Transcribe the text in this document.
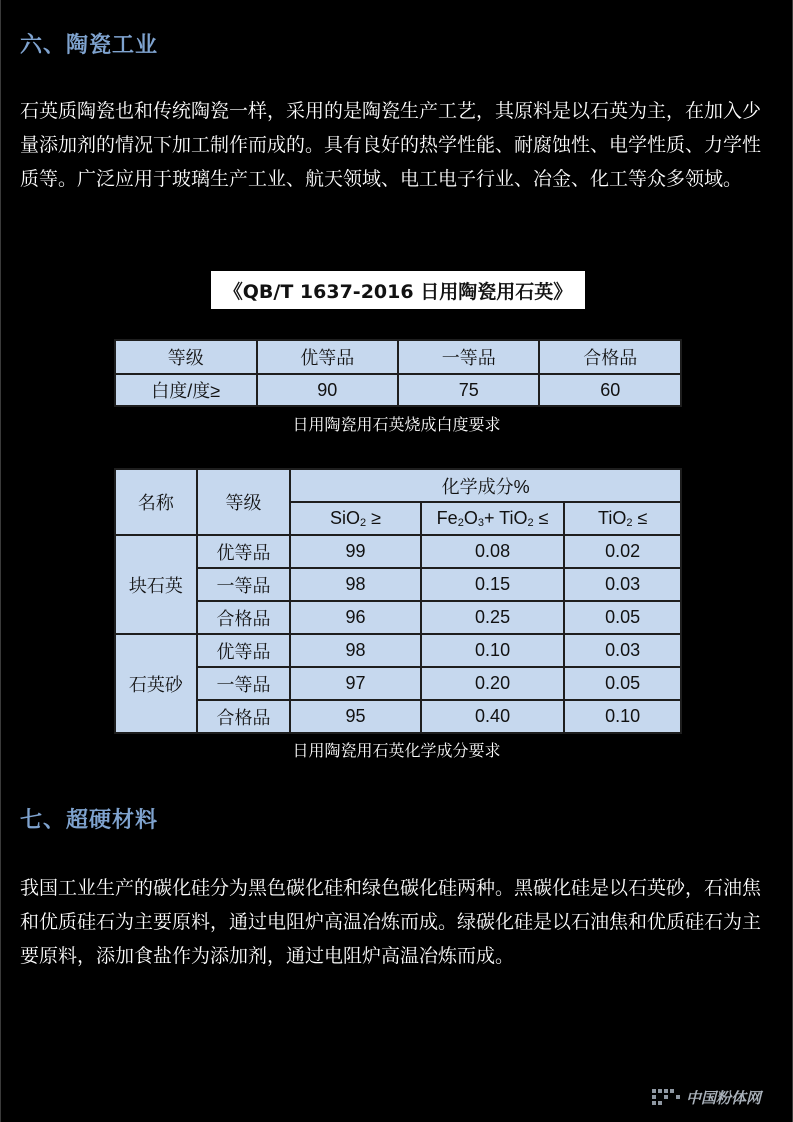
六、陶瓷工业
石英质陶瓷也和传统陶瓷一样，采用的是陶瓷生产工艺，其原料是以石英为主，在加入少量添加剂的情况下加工制作而成的。具有良好的热学性能、耐腐蚀性、电学性质、力学性质等。广泛应用于玻璃生产工业、航天领域、电工电子行业、冶金、化工等众多领域。
《QB/T 1637-2016 日用陶瓷用石英》
等级	优等品	一等品	合格品
白度/度≥	90	75	60
日用陶瓷用石英烧成白度要求
名称	等级	化学成分%		
		SiO$_2$ ≥	$Fe_2O_3+ TiO_2$ ≤	TiO$_2$ ≤
块石英	优等品	99	0.08	0.02
	一等品	98	0.15	0.03
	合格品	96	0.25	0.05
石英砂	优等品	98	0.10	0.03
	一等品	97	0.20	0.05
	合格品	95	0.40	0.10
日用陶瓷用石英化学成分要求
七、超硬材料
我国工业生产的碳化硅分为黑色碳化硅和绿色碳化硅两种。黑碳化硅是以石英砂，石油焦和优质硅石为主要原料，通过电阻炉高温冶炼而成。绿碳化硅是以石油焦和优质硅石为主要原料，添加食盐作为添加剂，通过电阻炉高温冶炼而成。
中国粉体网
